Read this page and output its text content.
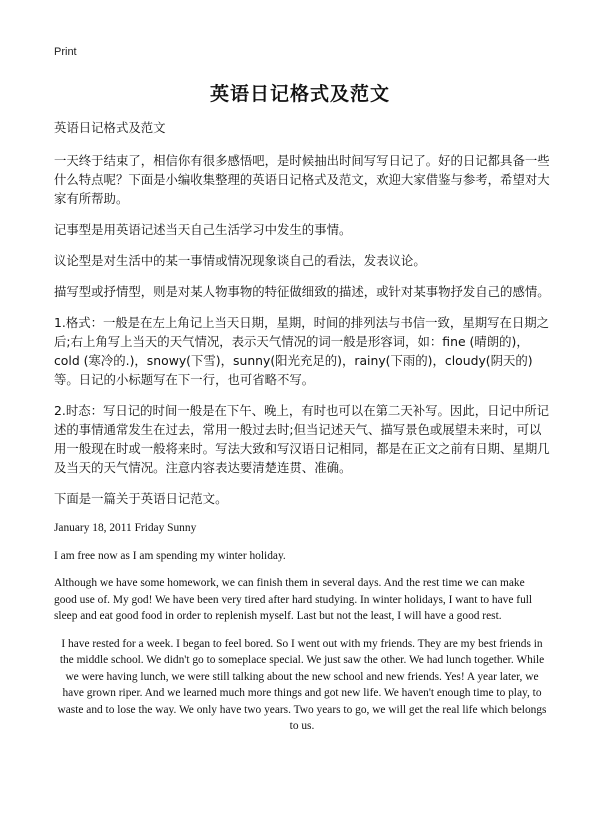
Print
英语日记格式及范文

英语日记格式及范文

一天终于结束了，相信你有很多感悟吧，是时候抽出时间写写日记了。好的日记都具备一些什么特点呢？下面是小编收集整理的英语日记格式及范文，欢迎大家借鉴与参考，希望对大家有所帮助。

记事型是用英语记述当天自己生活学习中发生的事情。

议论型是对生活中的某一事情或情况现象谈自己的看法，发表议论。

描写型或抒情型，则是对某人物事物的特征做细致的描述，或针对某事物抒发自己的感情。

1.格式：一般是在左上角记上当天日期，星期，时间的排列法与书信一致，星期写在日期之后;右上角写上当天的天气情况，表示天气情况的词一般是形容词，如：fine (晴朗的)，cold (寒冷的.)，snowy(下雪)，sunny(阳光充足的)，rainy(下雨的)，cloudy(阴天的)等。日记的小标题写在下一行，也可省略不写。

2.时态：写日记的时间一般是在下午、晚上，有时也可以在第二天补写。因此，日记中所记述的事情通常发生在过去，常用一般过去时;但当记述天气、描写景色或展望未来时，可以用一般现在时或一般将来时。写法大致和写汉语日记相同，都是在正文之前有日期、星期几及当天的天气情况。注意内容表达要清楚连贯、准确。

下面是一篇关于英语日记范文。

January 18, 2011 Friday Sunny

I am free now as I am spending my winter holiday.

Although we have some homework, we can finish them in several days. And the rest time we can make good use of. My god! We have been very tired after hard studying. In winter holidays, I want to have full sleep and eat good food in order to replenish myself. Last but not the least, I will have a good rest.

I have rested for a week. I began to feel bored. So I went out with my friends. They are my best friends in the middle school. We didn't go to someplace special. We just saw the other. We had lunch together. While we were having lunch, we were still talking about the new school and new friends. Yes! A year later, we have grown riper. And we learned much more things and got new life. We haven't enough time to play, to waste and to lose the way. We only have two years. Two years to go, we will get the real life which belongs to us.
